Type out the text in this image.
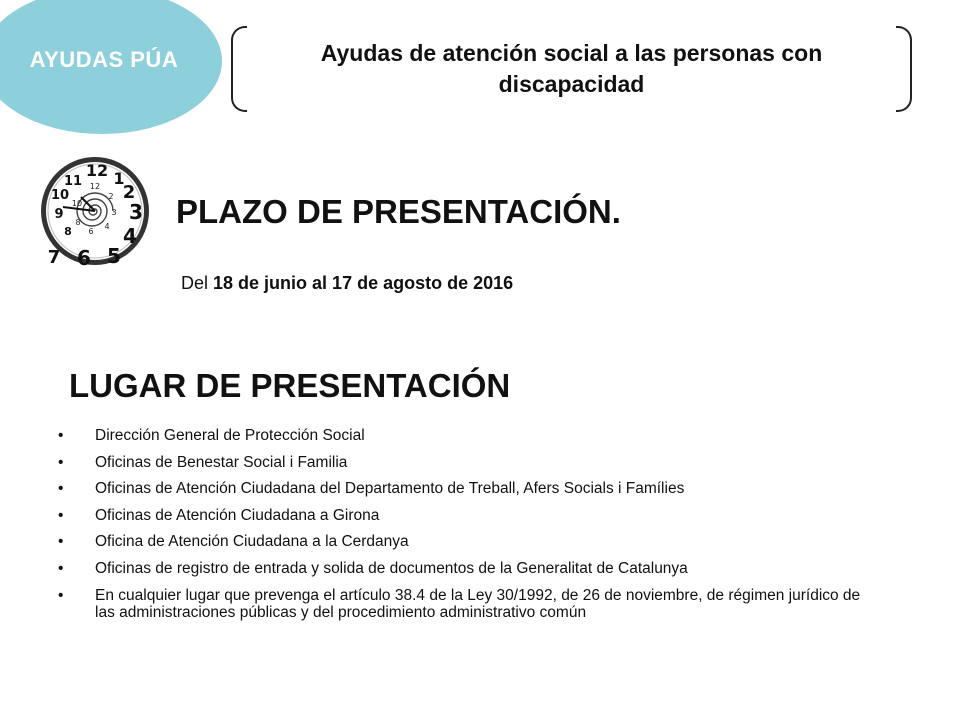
AYUDAS PÚA	Ayudas de atención social a las personas con discapacidad
12 1
2
3
4
5
6
7
9
10
11
8
12
2
3
4
6
8
10	PLAZO DE PRESENTACIÓN.
Del 18 de junio al 17 de agosto de 2016
LUGAR DE PRESENTACIÓN
• Dirección General de Protección Social
• Oficinas de Benestar Social i Familia
• Oficinas de Atención Ciudadana del Departamento de Treball, Afers Socials i Famílies
• Oficinas de Atención Ciudadana a Girona
• Oficina de Atención Ciudadana a la Cerdanya
• Oficinas de registro de entrada y solida de documentos de la Generalitat de Catalunya
• En cualquier lugar que prevenga el artículo 38.4 de la Ley 30/1992, de 26 de noviembre, de régimen jurídico de las administraciones públicas y del procedimiento administrativo común
